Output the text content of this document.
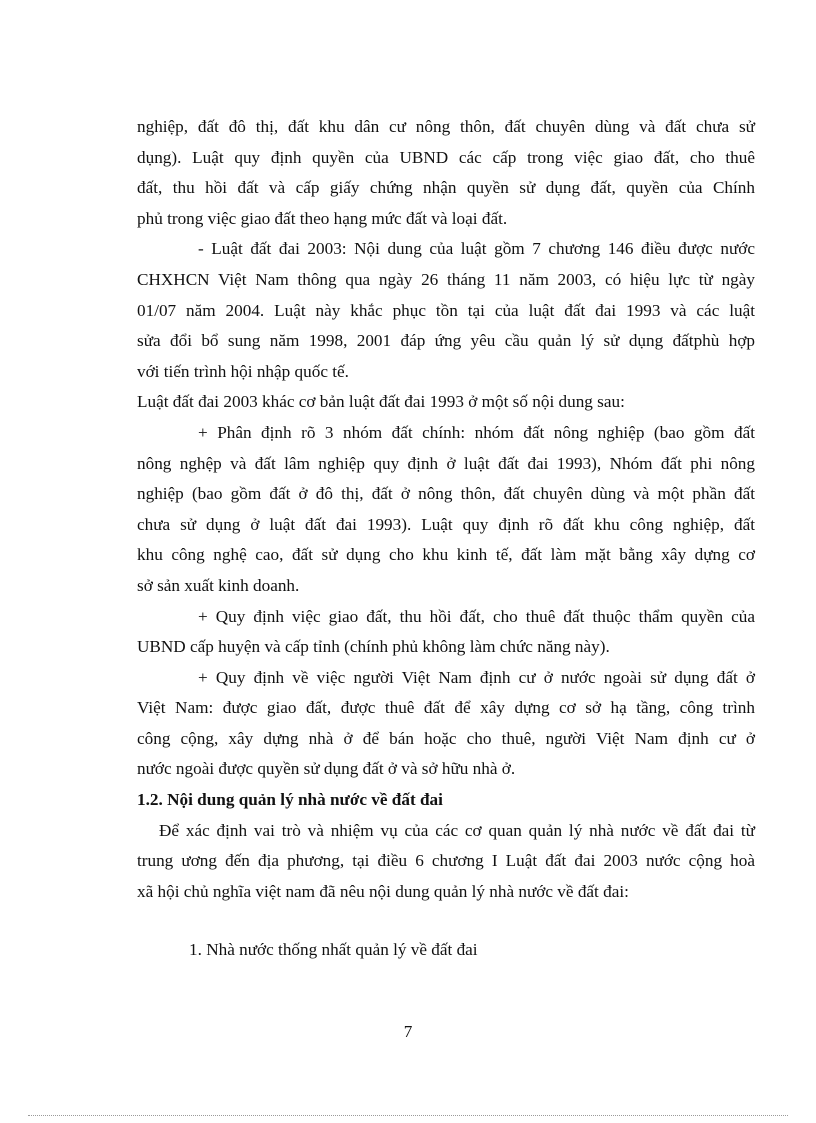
nghiệp, đất đô thị, đất khu dân cư nông thôn, đất chuyên dùng và đất chưa sử
dụng). Luật quy định quyền của UBND các cấp trong việc giao đất, cho thuê
đất, thu hồi đất và cấp giấy chứng nhận quyền sử dụng đất, quyền của Chính
phủ trong việc giao đất theo hạng mức đất và loại đất.
- Luật đất đai 2003: Nội dung của luật gồm 7 chương 146 điều được nước
CHXHCN Việt Nam thông qua ngày 26 tháng 11 năm 2003, có hiệu lực từ ngày
01/07 năm 2004. Luật này khắc phục tồn tại của luật đất đai 1993 và các luật
sửa đổi bổ sung năm 1998, 2001 đáp ứng yêu cầu quản lý sử dụng đấtphù hợp
với tiến trình hội nhập quốc tế.
Luật đất đai 2003 khác cơ bản luật đất đai 1993 ở một số nội dung sau:
+ Phân định rõ 3 nhóm đất chính: nhóm đất nông nghiệp (bao gồm đất
nông nghệp và đất lâm nghiệp quy định ở luật đất đai 1993), Nhóm đất phi nông
nghiệp (bao gồm đất ở đô thị, đất ở nông thôn, đất chuyên dùng và một phần đất
chưa sử dụng ở luật đất đai 1993). Luật quy định rõ đất khu công nghiệp, đất
khu công nghệ cao, đất sử dụng cho khu kinh tế, đất làm mặt bằng xây dựng cơ
sở sản xuất kinh doanh.
+ Quy định việc giao đất, thu hồi đất, cho thuê đất thuộc thẩm quyền của
UBND cấp huyện và cấp tỉnh (chính phủ không làm chức năng này).
+ Quy định về việc người Việt Nam định cư ở nước ngoài sử dụng đất ở
Việt Nam: được giao đất, được thuê đất để xây dựng cơ sở hạ tầng, công trình
công cộng, xây dựng nhà ở để bán hoặc cho thuê, người Việt Nam định cư ở
nước ngoài được quyền sử dụng đất ở và sở hữu nhà ở.
1.2. Nội dung quản lý nhà nước về đất đai
Để xác định vai trò và nhiệm vụ của các cơ quan quản lý nhà nước về đất đai từ
trung ương đến địa phương, tại điều 6 chương I Luật đất đai 2003 nước cộng hoà
xã hội chủ nghĩa việt nam đã nêu nội dung quản lý nhà nước về đất đai:
1. Nhà nước thống nhất quản lý về đất đai
7
